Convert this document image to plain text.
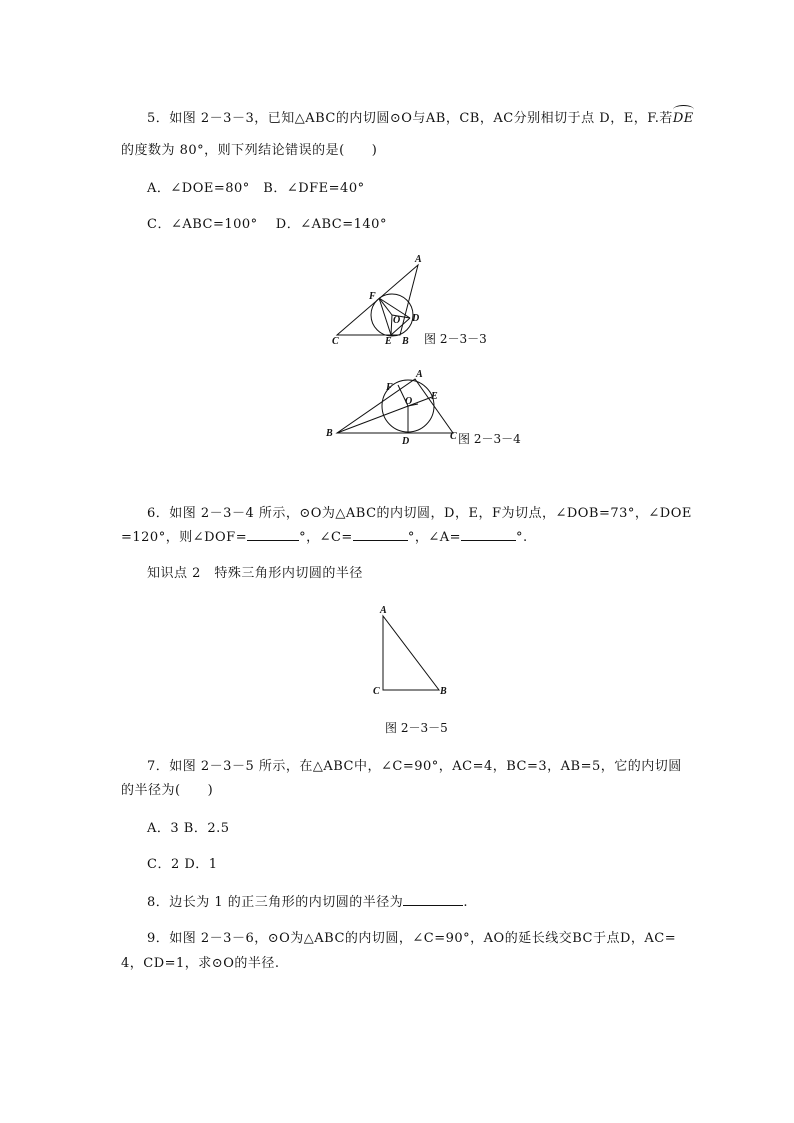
5．如图 2－3－3，已知△ABC的内切圆⊙O与AB，CB，AC分别相切于点 D，E，F.若DE
的度数为 80°，则下列结论错误的是(　　)
A．∠DOE=80°　B．∠DFE=40°
C．∠ABC=100°　 D．∠ABC=140°
A
F
O D
C	E B 图 2－3－3
A
F
O E
B
D	C 图 2－3－4
A
C	B
图 2－3－5
6．如图 2－3－4 所示，⊙O为△ABC的内切圆，D，E，F为切点，∠DOB=73°，∠DOE
=120°，则∠DOF=	°，∠C=	°，∠A=	°.
知识点 2　特殊三角形内切圆的半径
7．如图 2－3－5 所示，在△ABC中，∠C=90°，AC=4，BC=3，AB=5，它的内切圆
的半径为(　　)
A．3 B．2.5
C．2 D．1
8．边长为 1 的正三角形的内切圆的半径为	.
9．如图 2－3－6，⊙O为△ABC的内切圆，∠C=90°，AO的延长线交BC于点D，AC=
4，CD=1，求⊙O的半径.
